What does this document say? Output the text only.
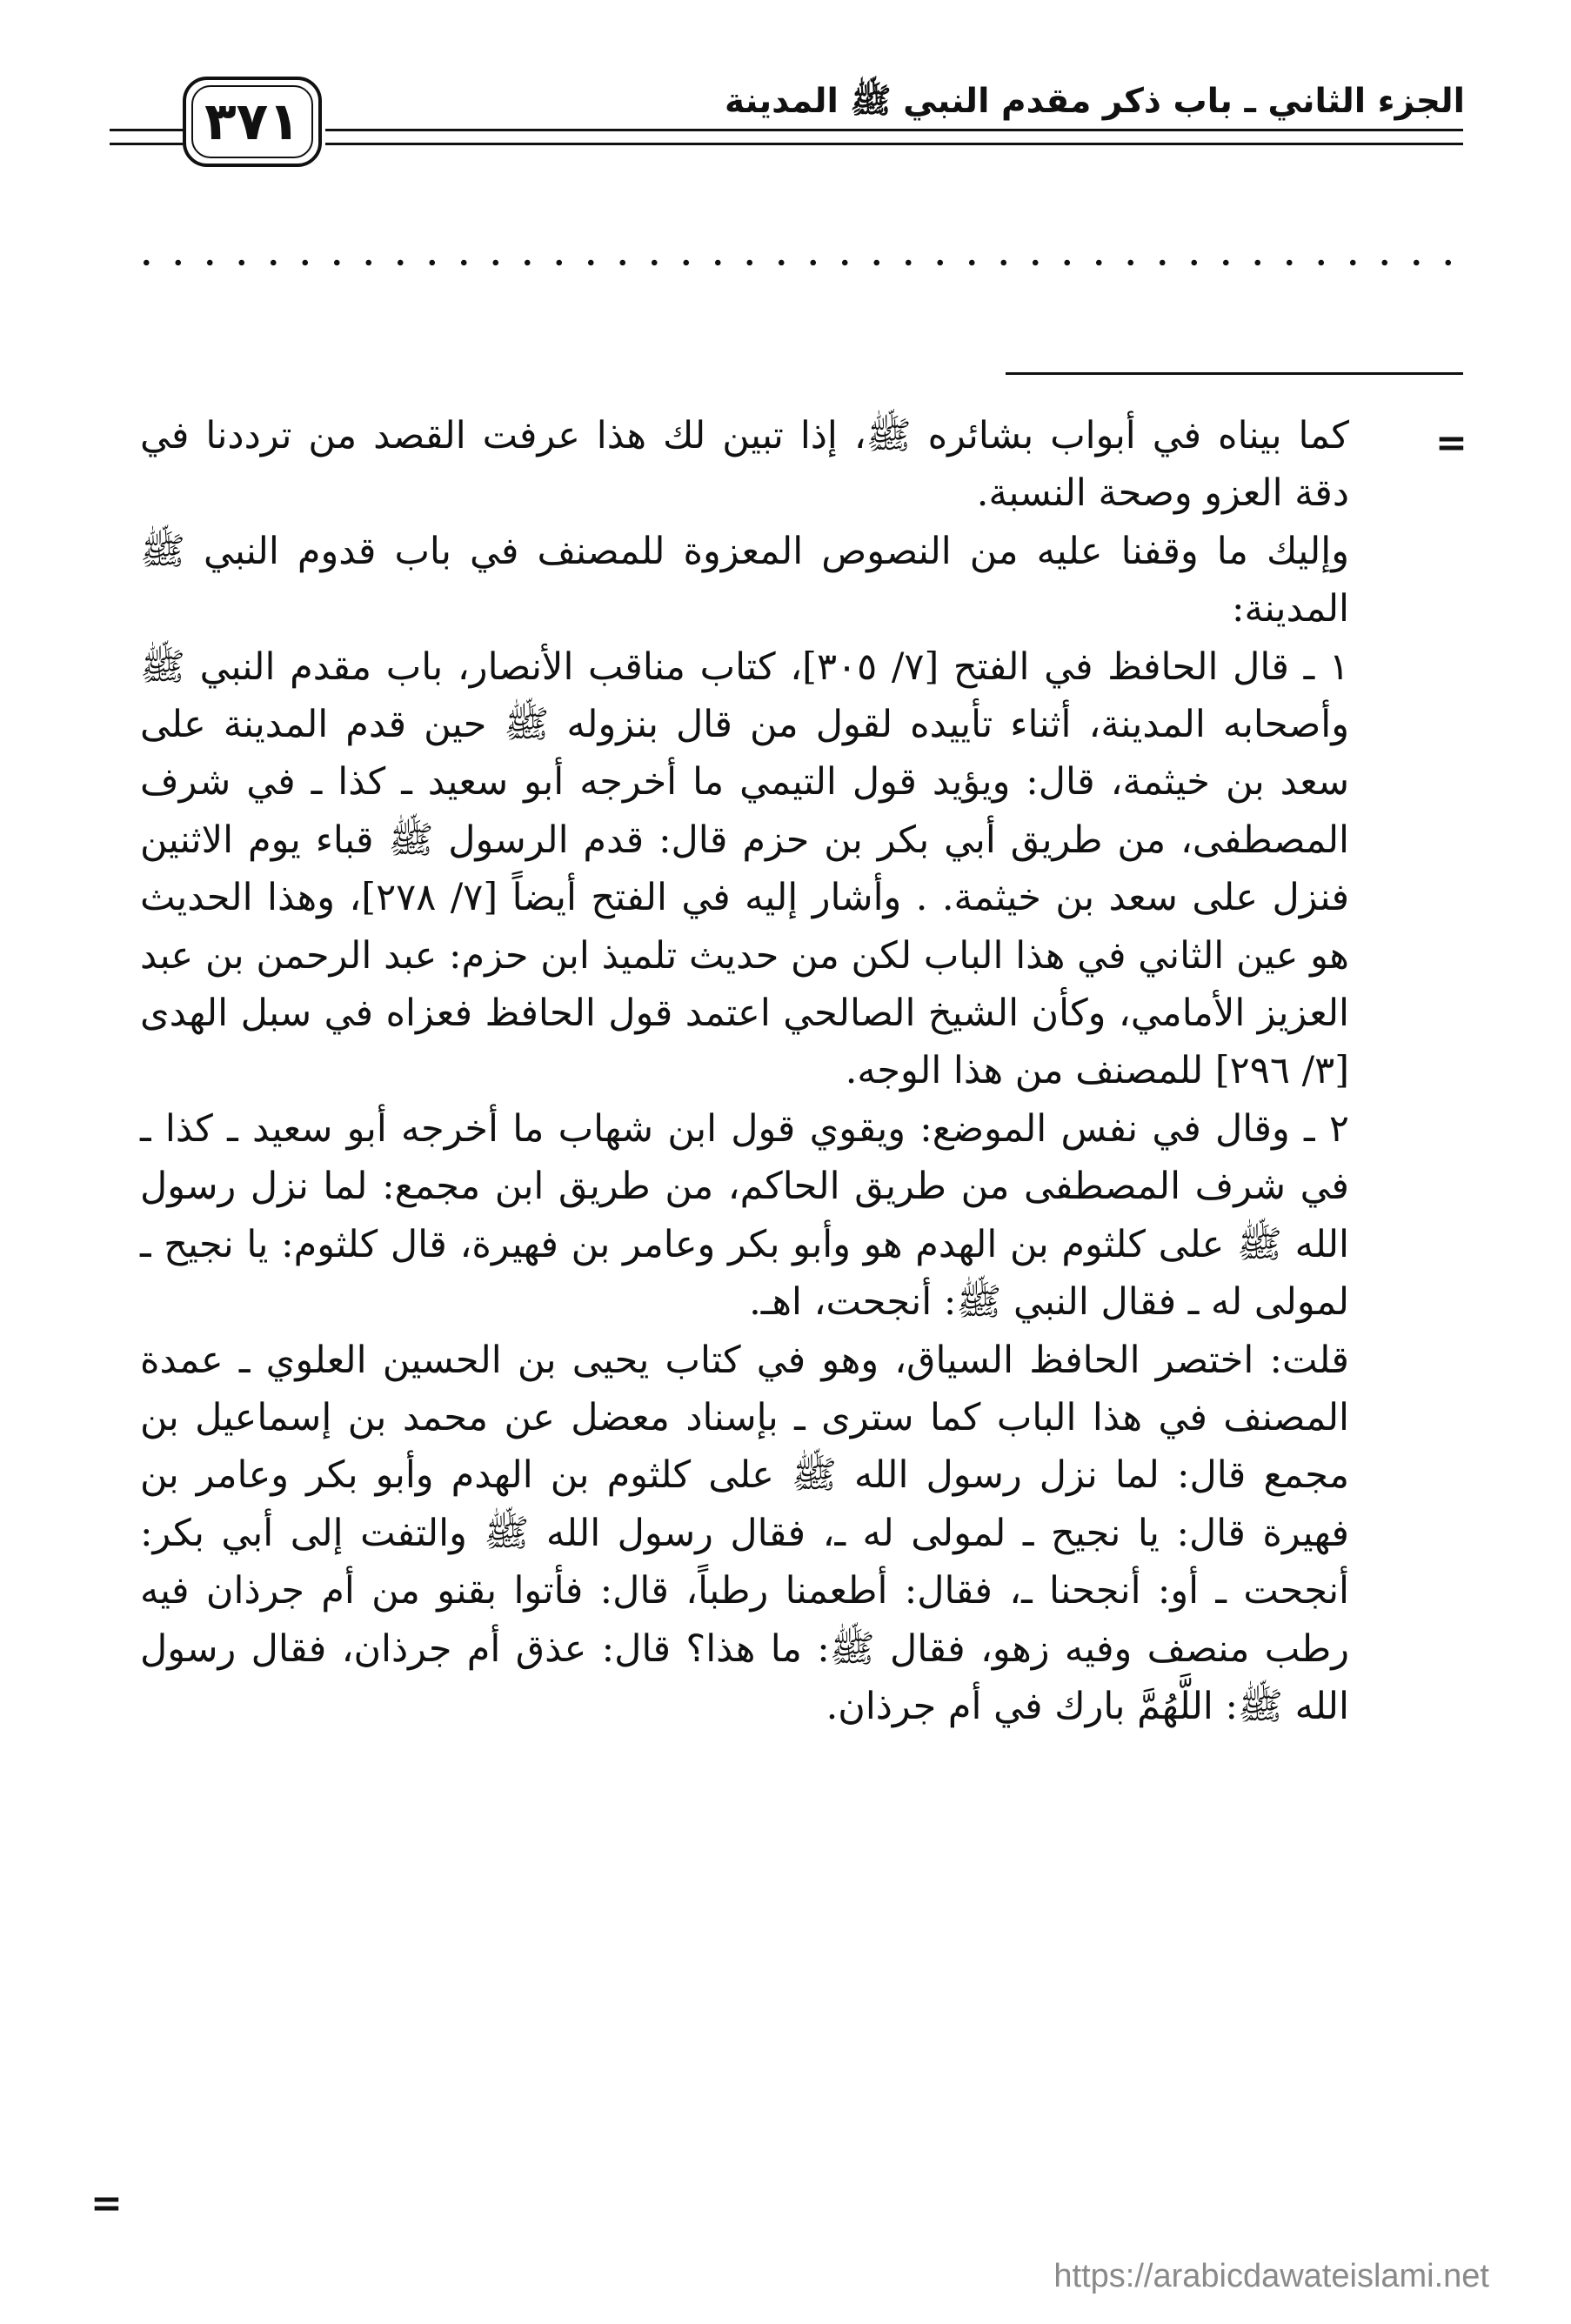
الجزء الثاني ـ باب ذكر مقدم النبي ﷺ المدينة
٣٧١
=

كما بيناه في أبواب بشائره ﷺ، إذا تبين لك هذا عرفت القصد من ترددنا في دقة العزو وصحة النسبة.

وإليك ما وقفنا عليه من النصوص المعزوة للمصنف في باب قدوم النبي ﷺ المدينة:

١ ـ قال الحافظ في الفتح [٧/ ٣٠٥]، كتاب مناقب الأنصار، باب مقدم النبي ﷺ وأصحابه المدينة، أثناء تأييده لقول من قال بنزوله ﷺ حين قدم المدينة على سعد بن خيثمة، قال: ويؤيد قول التيمي ما أخرجه أبو سعيد ـ كذا ـ في شرف المصطفى، من طريق أبي بكر بن حزم قال: قدم الرسول ﷺ قباء يوم الاثنين فنزل على سعد بن خيثمة. . وأشار إليه في الفتح أيضاً [٧/ ٢٧٨]، وهذا الحديث هو عين الثاني في هذا الباب لكن من حديث تلميذ ابن حزم: عبد الرحمن بن عبد العزيز الأمامي، وكأن الشيخ الصالحي اعتمد قول الحافظ فعزاه في سبل الهدى [٣/ ٢٩٦] للمصنف من هذا الوجه.

٢ ـ وقال في نفس الموضع: ويقوي قول ابن شهاب ما أخرجه أبو سعيد ـ كذا ـ في شرف المصطفى من طريق الحاكم، من طريق ابن مجمع: لما نزل رسول الله ﷺ على كلثوم بن الهدم هو وأبو بكر وعامر بن فهيرة، قال كلثوم: يا نجيح ـ لمولى له ـ فقال النبي ﷺ: أنجحت، اهـ.

قلت: اختصر الحافظ السياق، وهو في كتاب يحيى بن الحسين العلوي ـ عمدة المصنف في هذا الباب كما سترى ـ بإسناد معضل عن محمد بن إسماعيل بن مجمع قال: لما نزل رسول الله ﷺ على كلثوم بن الهدم وأبو بكر وعامر بن فهيرة قال: يا نجيح ـ لمولى له ـ، فقال رسول الله ﷺ والتفت إلى أبي بكر: أنجحت ـ أو: أنجحنا ـ، فقال: أطعمنا رطباً، قال: فأتوا بقنو من أم جرذان فيه رطب منصف وفيه زهو، فقال ﷺ: ما هذا؟ قال: عذق أم جرذان، فقال رسول الله ﷺ: اللَّهُمَّ بارك في أم جرذان.

=
https://arabicdawateislami.net
